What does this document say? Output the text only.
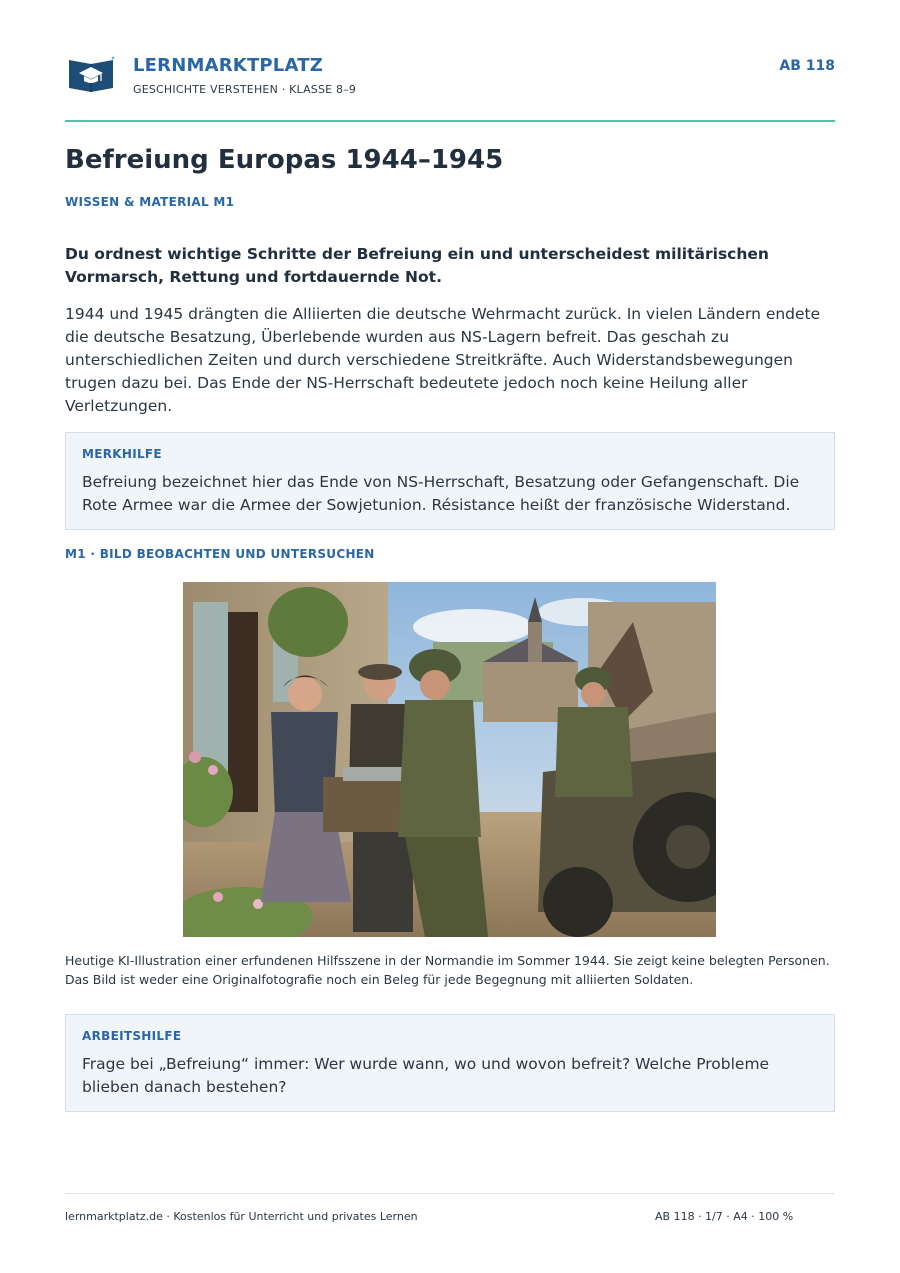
LERNMARKTPLATZ
GESCHICHTE VERSTEHEN · KLASSE 8–9
AB 118
Befreiung Europas 1944–1945
WISSEN & MATERIAL M1

Du ordnest wichtige Schritte der Befreiung ein und unterscheidest militärischen Vormarsch, Rettung und fortdauernde Not.

1944 und 1945 drängten die Alliierten die deutsche Wehrmacht zurück. In vielen Ländern endete die deutsche Besatzung, Überlebende wurden aus NS-Lagern befreit. Das geschah zu unterschiedlichen Zeiten und durch verschiedene Streitkräfte. Auch Widerstandsbewegungen trugen dazu bei. Das Ende der NS-Herrschaft bedeutete jedoch noch keine Heilung aller Verletzungen.

MERKHILFE
Befreiung bezeichnet hier das Ende von NS-Herrschaft, Besatzung oder Gefangenschaft. Die Rote Armee war die Armee der Sowjetunion. Résistance heißt der französische Widerstand.
M1 · BILD BEOBACHTEN UND UNTERSUCHEN

Heutige KI-Illustration einer erfundenen Hilfsszene in der Normandie im Sommer 1944. Sie zeigt keine belegten Personen. Das Bild ist weder eine Originalfotografie noch ein Beleg für jede Begegnung mit alliierten Soldaten.

ARBEITSHILFE
Frage bei „Befreiung“ immer: Wer wurde wann, wo und wovon befreit? Welche Probleme blieben danach bestehen?
lernmarktplatz.de · Kostenlos für Unterricht und privates Lernen	AB 118 · 1/7 · A4 · 100 %
